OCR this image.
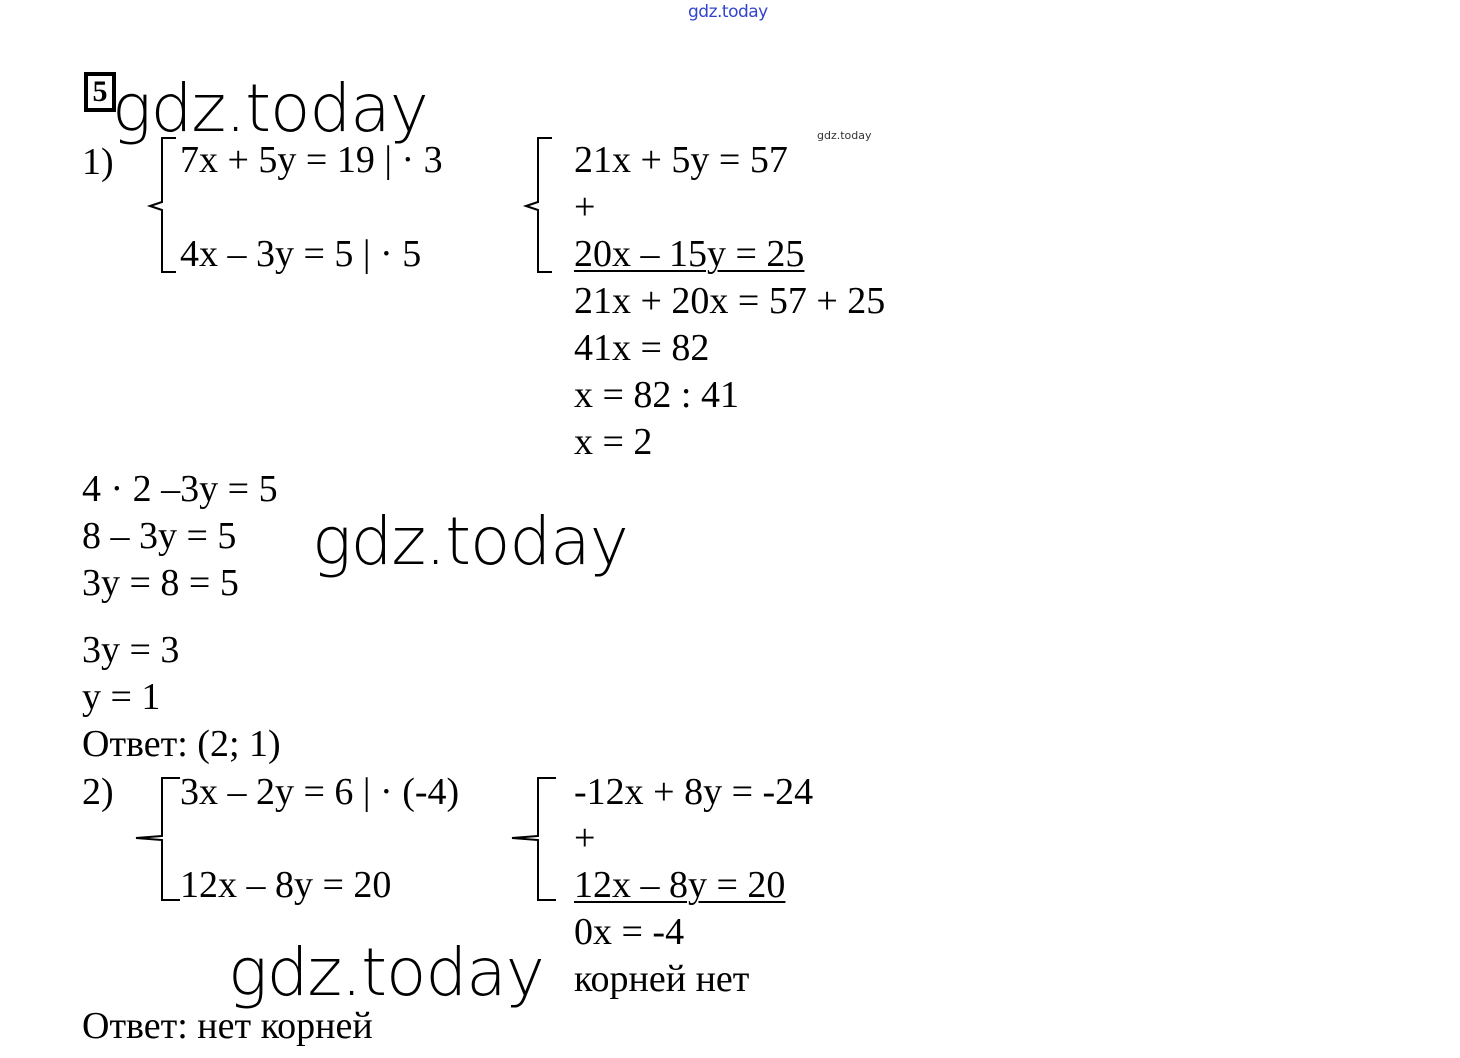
gdz.today
gdz.today
5 gdz.today
1) 7x + 5y = 19 | · 3
4x – 3y = 5 | · 5
21x + 5y = 57
+
20x – 15y = 25
21x + 20x = 57 + 25
41x = 82
x = 82 : 41
x = 2
4 · 2 –3y = 5
8 – 3y = 5
3y = 8 = 5
gdz.today
3y = 3
y = 1
Ответ: (2; 1)
2) 3x – 2y = 6 | · (-4)
12x – 8y = 20
-12x + 8y = -24
+
12x – 8y = 20
0x = -4
корней нет
gdz.today
Ответ: нет корней
